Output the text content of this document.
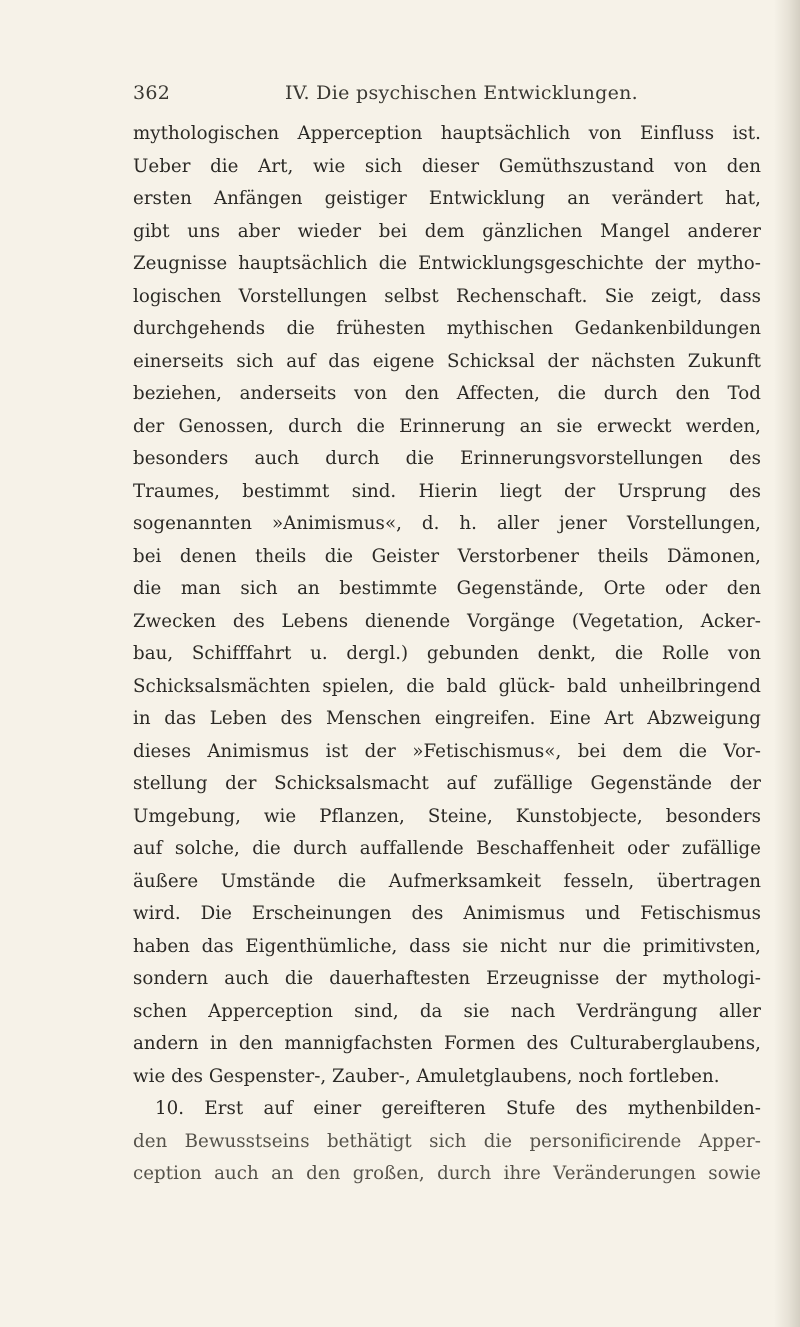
362	IV. Die psychischen Entwicklungen.
mythologischen Apperception hauptsächlich von Einfluss ist.
Ueber die Art, wie sich dieser Gemüthszustand von den
ersten Anfängen geistiger Entwicklung an verändert hat,
gibt uns aber wieder bei dem gänzlichen Mangel anderer
Zeugnisse hauptsächlich die Entwicklungsgeschichte der mytho-
logischen Vorstellungen selbst Rechenschaft. Sie zeigt, dass
durchgehends die frühesten mythischen Gedankenbildungen
einerseits sich auf das eigene Schicksal der nächsten Zukunft
beziehen, anderseits von den Affecten, die durch den Tod
der Genossen, durch die Erinnerung an sie erweckt werden,
besonders auch durch die Erinnerungsvorstellungen des
Traumes, bestimmt sind. Hierin liegt der Ursprung des
sogenannten »Animismus«, d. h. aller jener Vorstellungen,
bei denen theils die Geister Verstorbener theils Dämonen,
die man sich an bestimmte Gegenstände, Orte oder den
Zwecken des Lebens dienende Vorgänge (Vegetation, Acker-
bau, Schifffahrt u. dergl.) gebunden denkt, die Rolle von
Schicksalsmächten spielen, die bald glück- bald unheilbringend
in das Leben des Menschen eingreifen. Eine Art Abzweigung
dieses Animismus ist der »Fetischismus«, bei dem die Vor-
stellung der Schicksalsmacht auf zufällige Gegenstände der
Umgebung, wie Pflanzen, Steine, Kunstobjecte, besonders
auf solche, die durch auffallende Beschaffenheit oder zufällige
äußere Umstände die Aufmerksamkeit fesseln, übertragen
wird. Die Erscheinungen des Animismus und Fetischismus
haben das Eigenthümliche, dass sie nicht nur die primitivsten,
sondern auch die dauerhaftesten Erzeugnisse der mythologi-
schen Apperception sind, da sie nach Verdrängung aller
andern in den mannigfachsten Formen des Culturaberglaubens,
wie des Gespenster-, Zauber-, Amuletglaubens, noch fortleben.
10. Erst auf einer gereifteren Stufe des mythenbilden-
den Bewusstseins bethätigt sich die personificirende Apper-
ception auch an den großen, durch ihre Veränderungen sowie
